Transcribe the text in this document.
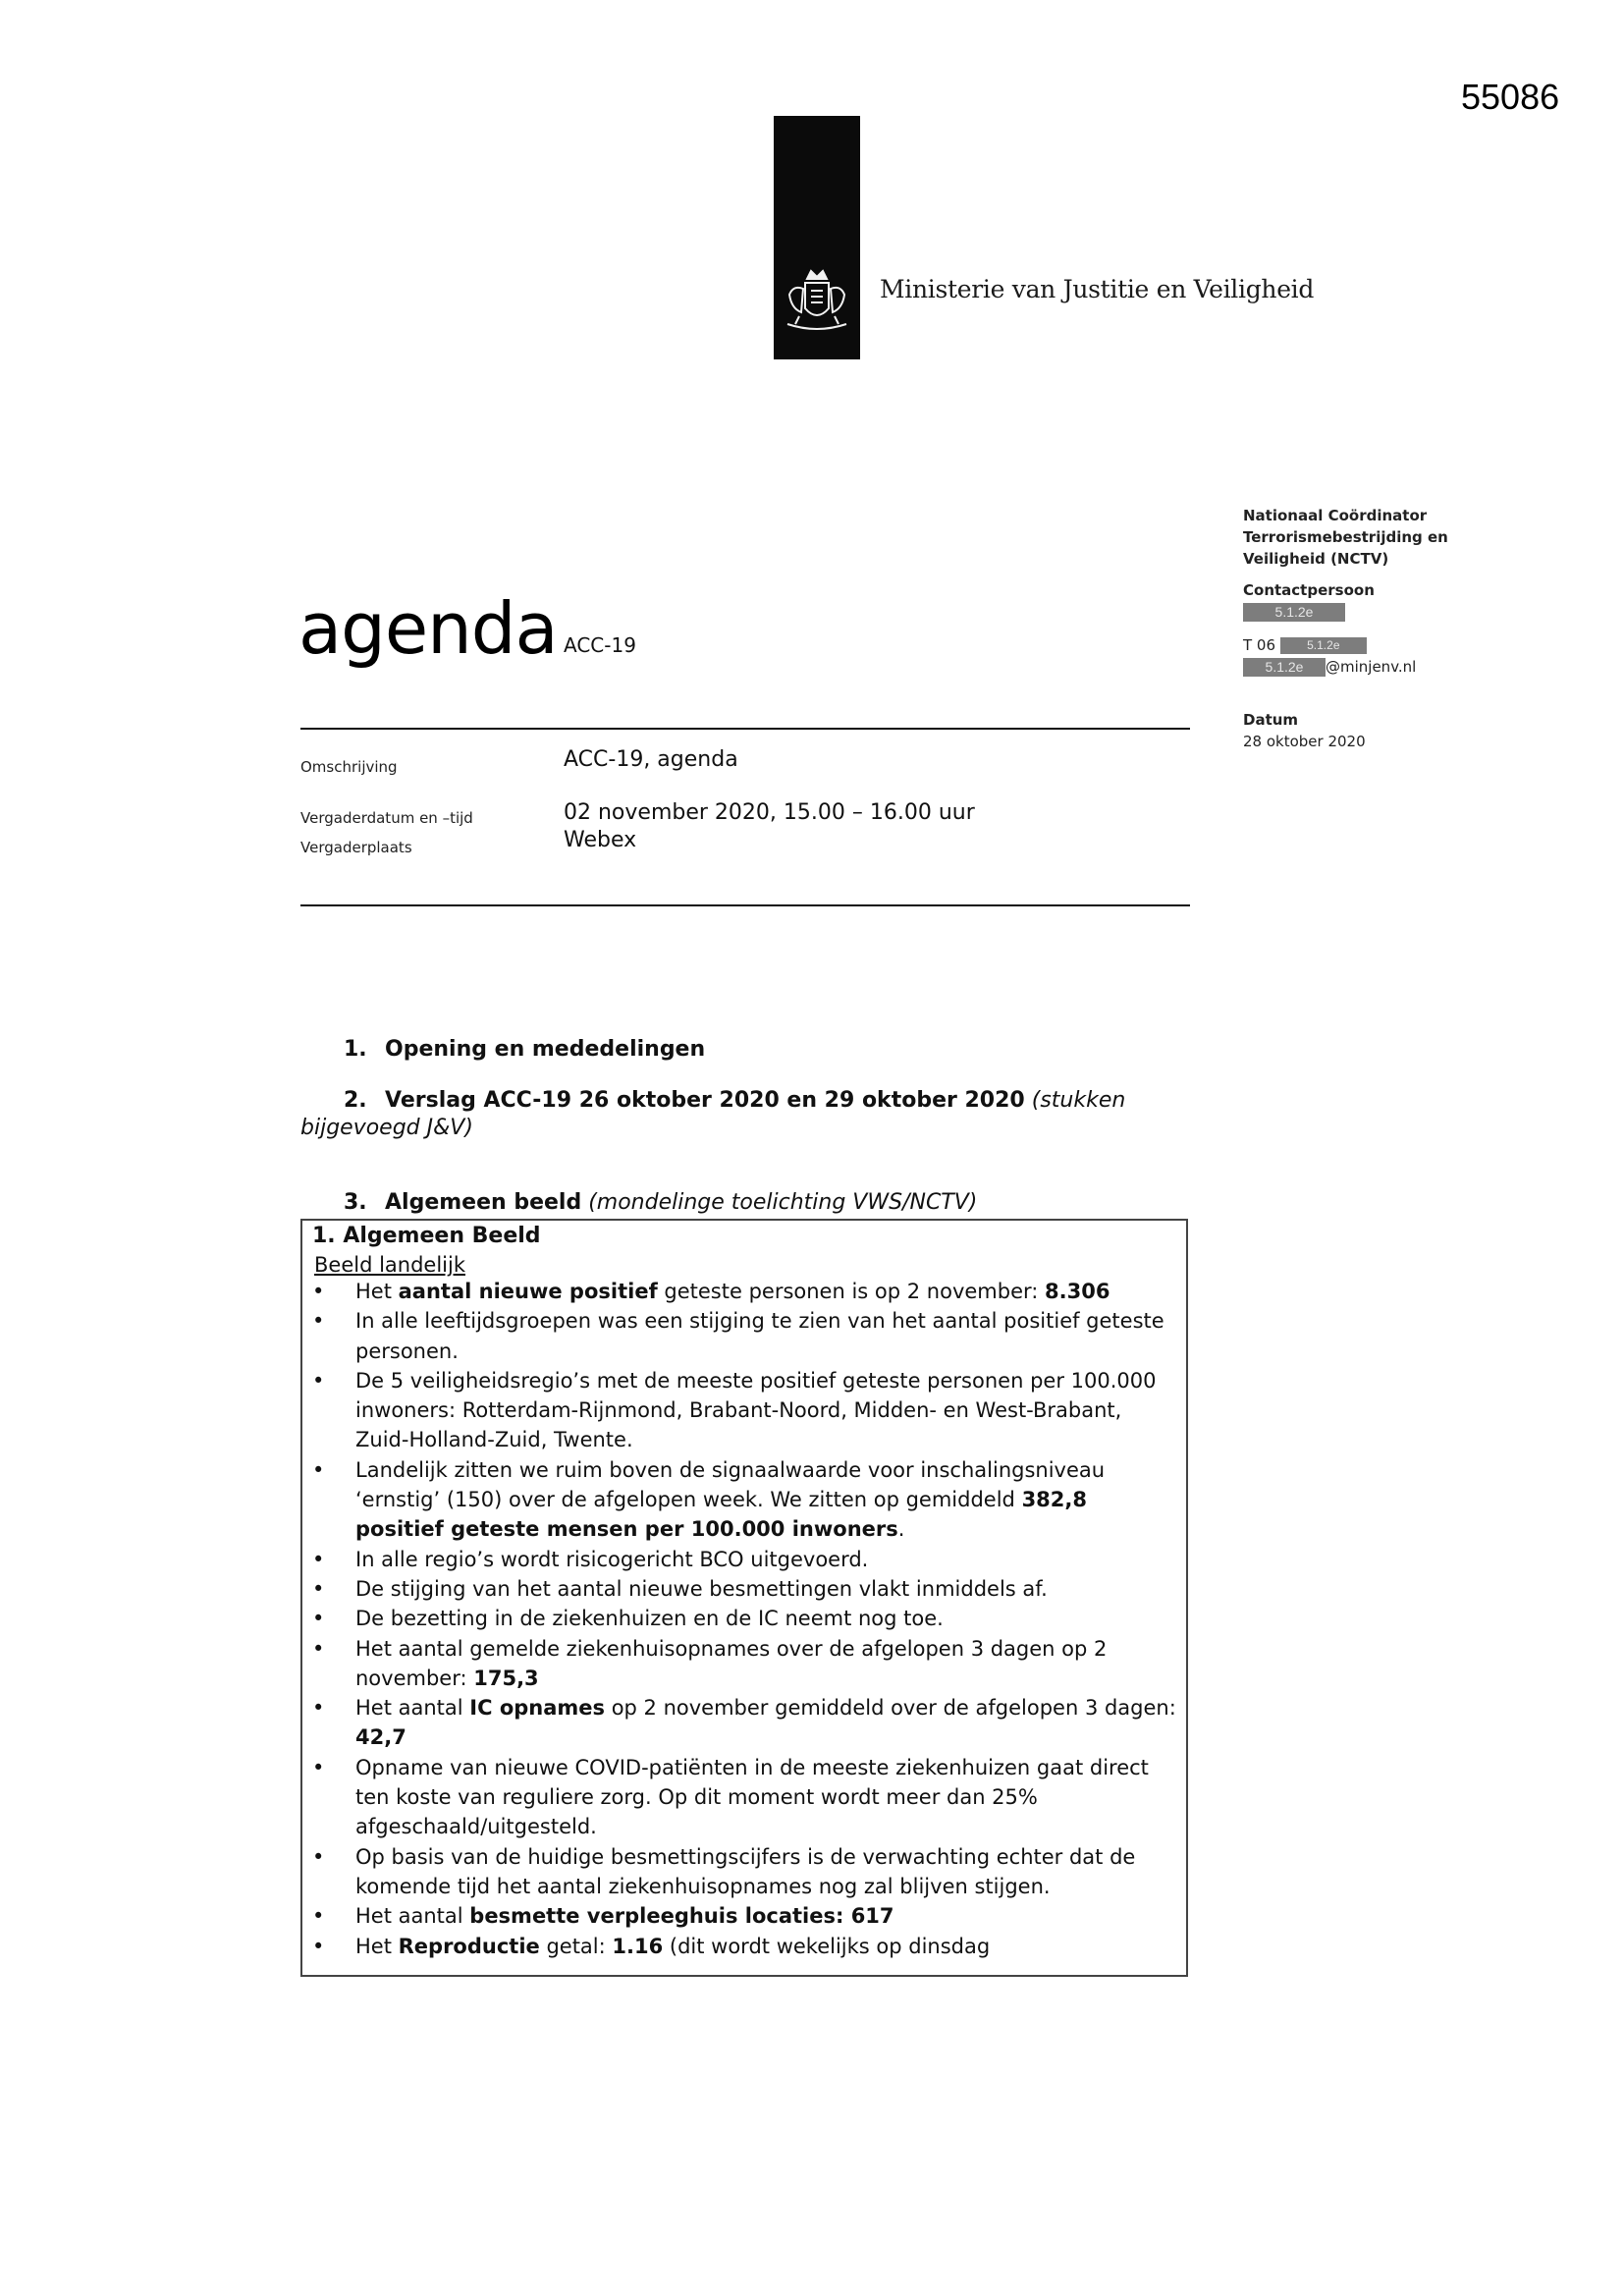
55086
Ministerie van Justitie en Veiligheid
Nationaal Coördinator
Terrorismebestrijding en
Veiligheid (NCTV)
Contactpersoon
5.1.2e
T 06	5.1.2e
5.1.2e @minjenv.nl
Datum
28 oktober 2020
agenda ACC-19
Omschrijving	ACC-19, agenda
Vergaderdatum en –tijd	02 november 2020, 15.00 – 16.00 uur
Vergaderplaats	Webex
1. Opening en mededelingen
2. Verslag ACC-19 26 oktober 2020 en 29 oktober 2020 (stukken
bijgevoegd J&V)
3. Algemeen beeld (mondelinge toelichting VWS/NCTV)
1. Algemeen Beeld
Beeld landelijk
• Het aantal nieuwe positief geteste personen is op 2 november: 8.306
• In alle leeftijdsgroepen was een stijging te zien van het aantal positief geteste personen.
• De 5 veiligheidsregio’s met de meeste positief geteste personen per 100.000 inwoners: Rotterdam-Rijnmond, Brabant-Noord, Midden- en West-Brabant, Zuid-Holland-Zuid, Twente.
• Landelijk zitten we ruim boven de signaalwaarde voor inschalingsniveau ‘ernstig’ (150) over de afgelopen week. We zitten op gemiddeld 382,8 positief geteste mensen per 100.000 inwoners.
• In alle regio’s wordt risicogericht BCO uitgevoerd.
• De stijging van het aantal nieuwe besmettingen vlakt inmiddels af.
• De bezetting in de ziekenhuizen en de IC neemt nog toe.
• Het aantal gemelde ziekenhuisopnames over de afgelopen 3 dagen op 2 november: 175,3
• Het aantal IC opnames op 2 november gemiddeld over de afgelopen 3 dagen: 42,7
• Opname van nieuwe COVID-patiënten in de meeste ziekenhuizen gaat direct ten koste van reguliere zorg. Op dit moment wordt meer dan 25% afgeschaald/uitgesteld.
• Op basis van de huidige besmettingscijfers is de verwachting echter dat de komende tijd het aantal ziekenhuisopnames nog zal blijven stijgen.
• Het aantal besmette verpleeghuis locaties: 617
• Het Reproductie getal: 1.16 (dit wordt wekelijks op dinsdag
